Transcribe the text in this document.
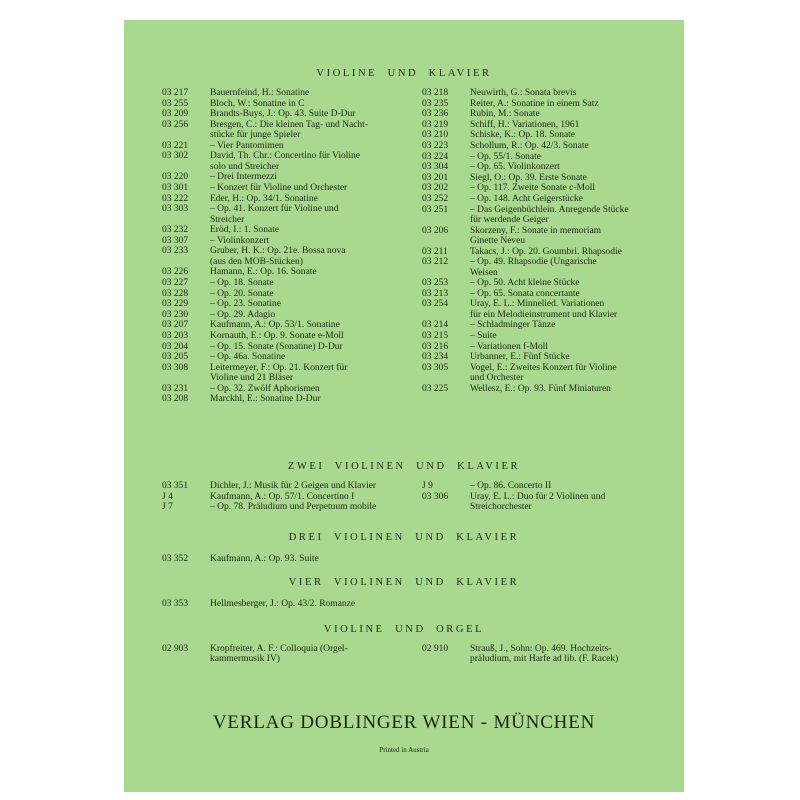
VIOLINE  UND  KLAVIER
03 217	Bauernfeind, H.: Sonatine
03 255	Bloch, W.: Sonatine in C
03 209	Brandts-Buys, J.: Op. 43. Suite D-Dur
03 256	Bresgen, C.: Die kleinen Tag- und Nacht-
stücke für junge Spieler
03 221	– Vier Pantomimen
03 302	David, Th. Chr.: Concertino für Violine
solo und Streicher
03 220	– Drei Intermezzi
03 301	– Konzert für Violine und Orchester
03 222	Eder, H.: Op. 34/1. Sonatine
03 303	– Op. 41. Konzert für Violine und
Streicher
03 232	Eröd, I.: 1. Sonate
03 307	– Violinkonzert
03 233	Gruber, H. K.: Op. 21e. Bossa nova
(aus den MOB-Stücken)
03 226	Hamann, E.: Op. 16. Sonate
03 227	– Op. 18. Sonate
03 228	– Op. 20. Sonate
03 229	– Op. 23. Sonatine
03 230	– Op. 29. Adagio
03 207	Kaufmann, A.: Op. 53/1. Sonatine
03 203	Kornauth, E.: Op. 9. Sonate e-Moll
03 204	– Op. 15. Sonate (Sonatine) D-Dur
03 205	– Op. 46a. Sonatine
03 308	Leitermeyer, F.: Op. 21. Konzert für
Violine und 21 Bläser
03 231	– Op. 32. Zwölf Aphorismen
03 208	Marckhl, E.: Sonatine D-Dur
03 218	Neuwirth, G.: Sonata brevis
03 235	Reiter, A.: Sonatine in einem Satz
03 236	Rubin, M.: Sonate
03 219	Schiff, H.: Variationen, 1961
03 210	Schiske, K.: Op. 18. Sonate
03 223	Schollum, R.: Op. 42/3. Sonate
03 224	– Op. 55/1. Sonate
03 304	– Op. 65. Violinkonzert
03 201	Siegl, O.: Op. 39. Erste Sonate
03 202	– Op. 117. Zweite Sonate c-Moll
03 252	– Op. 148. Acht Geigerstücke
03 251	– Das Geigenbüchlein. Anregende Stücke
für werdende Geiger
03 206	Skorzeny, F.: Sonate in memoriam
Ginette Neveu
03 211	Takacs, J.: Op. 20. Goumbri. Rhapsodie
03 212	– Op. 49. Rhapsodie (Ungarische
Weisen
03 253	– Op. 50. Acht kleine Stücke
03 213	– Op. 65. Sonata concertante
03 254	Uray, E. L.: Minnelied. Variationen
für ein Melodieinstrument und Klavier
03 214	– Schladminger Tänze
03 215	– Suite
03 216	– Variationen f-Moll
03 234	Urbanner, E.: Fünf Stücke
03 305	Vogel, E.: Zweites Konzert für Violine
und Orchester
03 225	Wellesz, E.: Op. 93. Fünf Miniaturen
ZWEI  VIOLINEN  UND  KLAVIER
03 351	Dichler, J.: Musik für 2 Geigen und Klavier
J 4	Kaufmann, A.: Op. 57/1. Concertino I
J 7	– Op. 78. Präludium und Perpetuum mobile
J 9	– Op. 86. Concerto II
03 306	Uray, E. L.: Duo für 2 Violinen und
Streichorchester
DREI  VIOLINEN  UND  KLAVIER
03 352	Kaufmann, A.: Op. 93. Suite
VIER  VIOLINEN  UND  KLAVIER
03 353	Hellmesberger, J.: Op. 43/2. Romanze
VIOLINE  UND  ORGEL
02 903	Kropfreiter, A. F.: Colloquia (Orgel-
kammermusik IV)
02 910	Strauß, J., Sohn: Op. 469. Hochzeits-
präludium, mit Harfe ad lib. (F. Racek)
VERLAG DOBLINGER WIEN - MÜNCHEN
Printed in Austria
